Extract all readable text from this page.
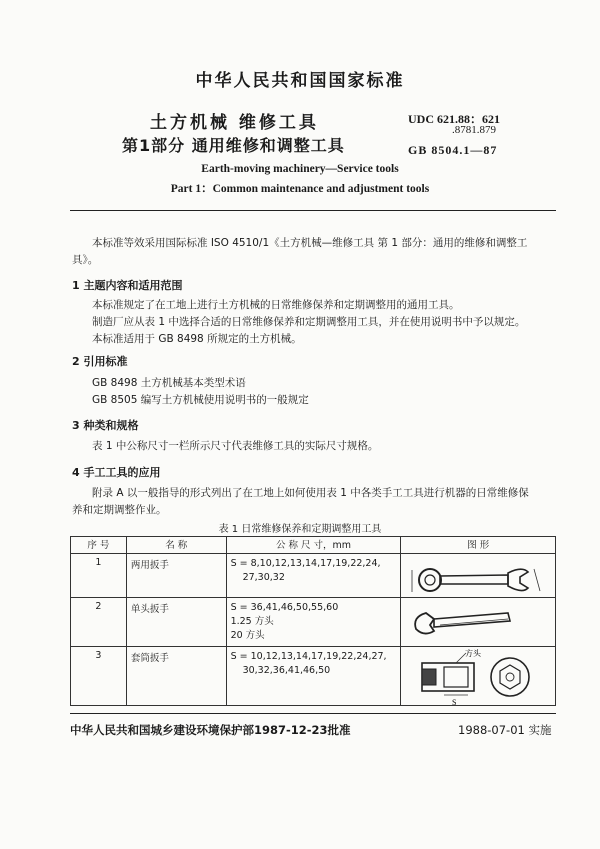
中华人民共和国国家标准
土方机械 维修工具
第1部分 通用维修和调整工具
UDC 621.88：621
.8781.879
GB 8504.1—87
Earth-moving machinery—Service tools
Part 1：Common maintenance and adjustment tools
本标准等效采用国际标准 ISO 4510/1《土方机械—维修工具 第 1 部分：通用的维修和调整工
具》。
1 主题内容和适用范围
本标准规定了在工地上进行土方机械的日常维修保养和定期调整用的通用工具。
制造厂应从表 1 中选择合适的日常维修保养和定期调整用工具，并在使用说明书中予以规定。
本标准适用于 GB 8498 所规定的土方机械。
2 引用标准
GB 8498 土方机械基本类型术语
GB 8505 编写土方机械使用说明书的一般规定
3 种类和规格
表 1 中公称尺寸一栏所示尺寸代表维修工具的实际尺寸规格。
4 手工工具的应用
附录 A 以一般指导的形式列出了在工地上如何使用表 1 中各类手工工具进行机器的日常维修保
养和定期调整作业。
表 1 日常维修保养和定期调整用工具
序 号	名 称	公 称 尺 寸，mm	图 形
1	两用扳手	S = 8,10,12,13,14,17,19,22,24,
27,30,32	

2	单头扳手	S = 36,41,46,50,55,60
1.25 方头
20 方头	

3	套筒扳手	S = 10,12,13,14,17,19,22,24,27,
30,32,36,41,46,50	

方头
S
中华人民共和国城乡建设环境保护部1987-12-23批准	1988-07-01 实施
